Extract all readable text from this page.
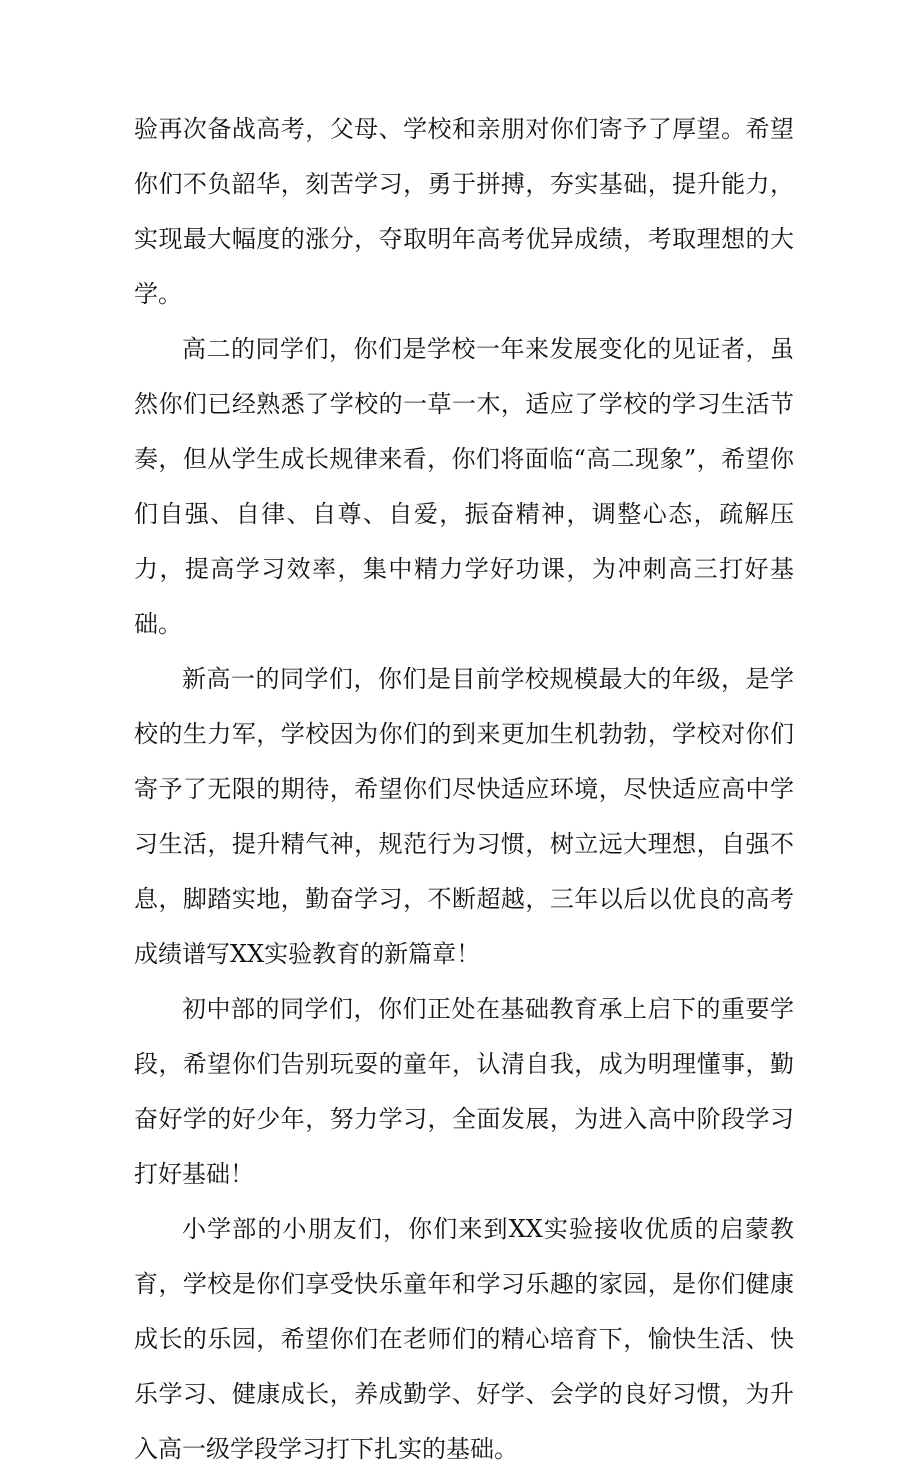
验再次备战高考，父母、学校和亲朋对你们寄予了厚望。希望你们不负韶华，刻苦学习，勇于拼搏，夯实基础，提升能力，实现最大幅度的涨分，夺取明年高考优异成绩，考取理想的大学。

高二的同学们，你们是学校一年来发展变化的见证者，虽然你们已经熟悉了学校的一草一木，适应了学校的学习生活节奏，但从学生成长规律来看，你们将面临“高二现象”，希望你们自强、自律、自尊、自爱，振奋精神，调整心态，疏解压力，提高学习效率，集中精力学好功课，为冲刺高三打好基础。

新高一的同学们，你们是目前学校规模最大的年级，是学校的生力军，学校因为你们的到来更加生机勃勃，学校对你们寄予了无限的期待，希望你们尽快适应环境，尽快适应高中学习生活，提升精气神，规范行为习惯，树立远大理想，自强不息，脚踏实地，勤奋学习，不断超越，三年以后以优良的高考成绩谱写XX实验教育的新篇章！

初中部的同学们，你们正处在基础教育承上启下的重要学段，希望你们告别玩耍的童年，认清自我，成为明理懂事，勤奋好学的好少年，努力学习，全面发展，为进入高中阶段学习打好基础！

小学部的小朋友们，你们来到XX实验接收优质的启蒙教育，学校是你们享受快乐童年和学习乐趣的家园，是你们健康成长的乐园，希望你们在老师们的精心培育下，愉快生活、快乐学习、健康成长，养成勤学、好学、会学的良好习惯，为升入高一级学段学习打下扎实的基础。
